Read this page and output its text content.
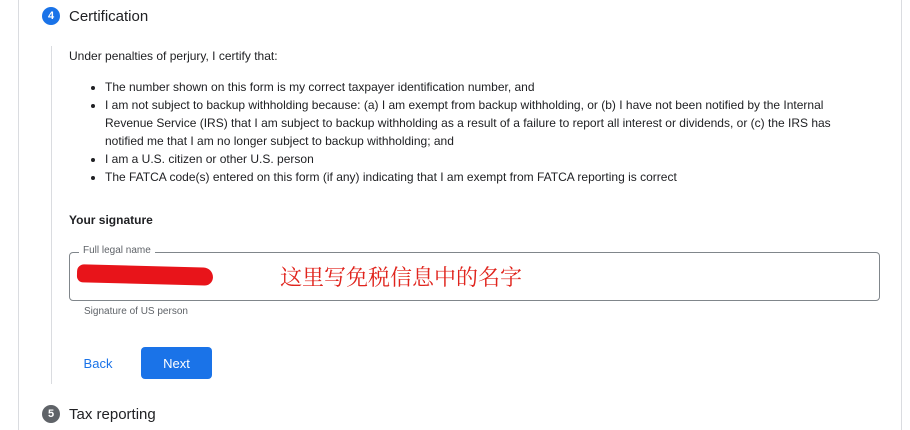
4 Certification
Under penalties of perjury, I certify that:
• The number shown on this form is my correct taxpayer identification number, and
• I am not subject to backup withholding because: (a) I am exempt from backup withholding, or (b) I have not been notified by the Internal Revenue Service (IRS) that I am subject to backup withholding as a result of a failure to report all interest or dividends, or (c) the IRS has notified me that I am no longer subject to backup withholding; and
• I am a U.S. citizen or other U.S. person
• The FATCA code(s) entered on this form (if any) indicating that I am exempt from FATCA reporting is correct
Your signature
Full legal name
这里写免税信息中的名字
Signature of US person
Back	Next
5 Tax reporting
